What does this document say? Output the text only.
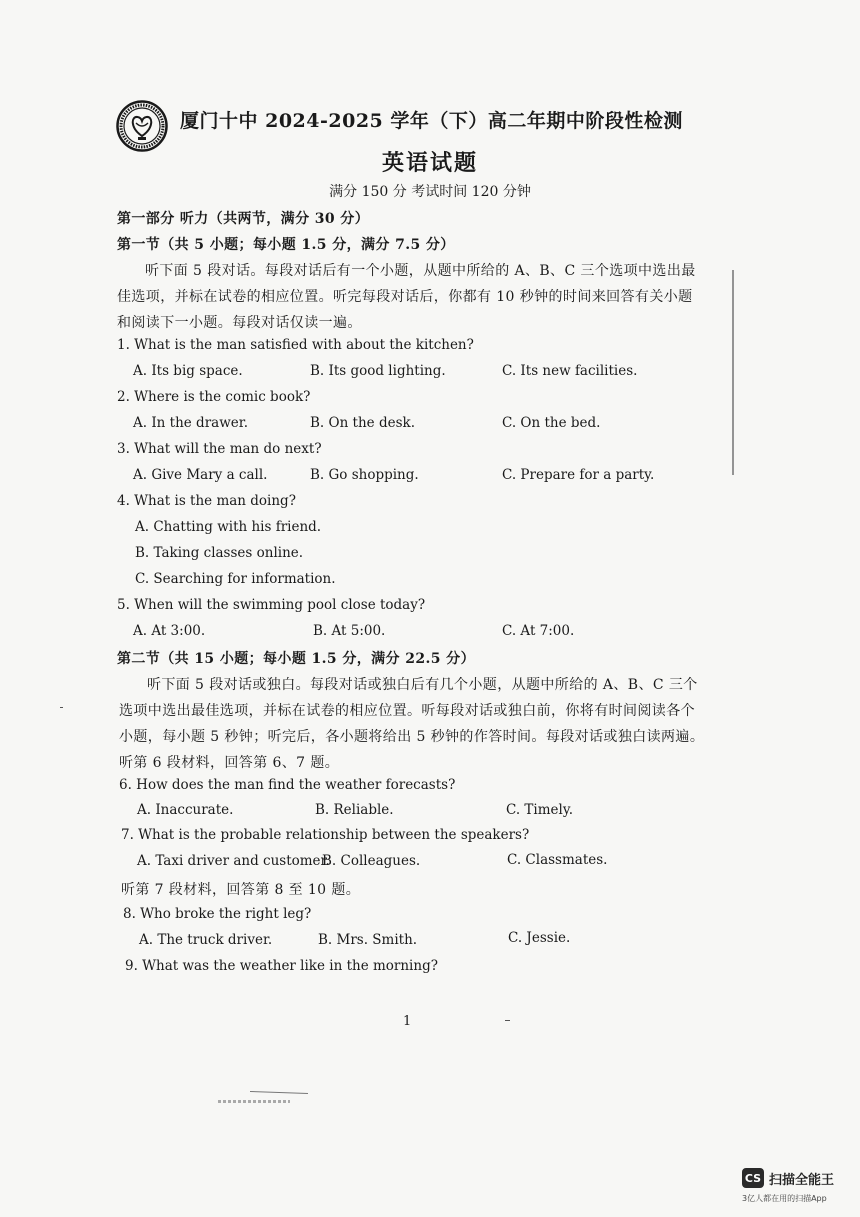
厦门十中 2024-2025 学年（下）高二年期中阶段性检测
英语试题
满分 150 分 考试时间 120 分钟
第一部分 听力（共两节，满分 30 分）
第一节（共 5 小题；每小题 1.5 分，满分 7.5 分）
听下面 5 段对话。每段对话后有一个小题，从题中所给的 A、B、C 三个选项中选出最
佳选项，并标在试卷的相应位置。听完每段对话后，你都有 10 秒钟的时间来回答有关小题
和阅读下一小题。每段对话仅读一遍。
1. What is the man satisfied with about the kitchen?
A. Its big space.	B. Its good lighting.	C. Its new facilities.
2. Where is the comic book?
A. In the drawer.	B. On the desk.	C. On the bed.
3. What will the man do next?
A. Give Mary a call.	B. Go shopping.	C. Prepare for a party.
4. What is the man doing?
A. Chatting with his friend.
B. Taking classes online.
C. Searching for information.
5. When will the swimming pool close today?
A. At 3:00.	B. At 5:00.	C. At 7:00.
第二节（共 15 小题；每小题 1.5 分，满分 22.5 分）
听下面 5 段对话或独白。每段对话或独白后有几个小题，从题中所给的 A、B、C 三个
选项中选出最佳选项，并标在试卷的相应位置。听每段对话或独白前，你将有时间阅读各个
小题，每小题 5 秒钟；听完后，各小题将给出 5 秒钟的作答时间。每段对话或独白读两遍。
听第 6 段材料，回答第 6、7 题。
6. How does the man find the weather forecasts?
A. Inaccurate.	B. Reliable.	C. Timely.
7. What is the probable relationship between the speakers?
A. Taxi driver and customer.
B. Colleagues.	C. Classmates.
听第 7 段材料，回答第 8 至 10 题。
8. Who broke the right leg?
A. The truck driver.	B. Mrs. Smith.	C. Jessie.
9. What was the weather like in the morning?
1
CS 扫描全能王
3亿人都在用的扫描App
